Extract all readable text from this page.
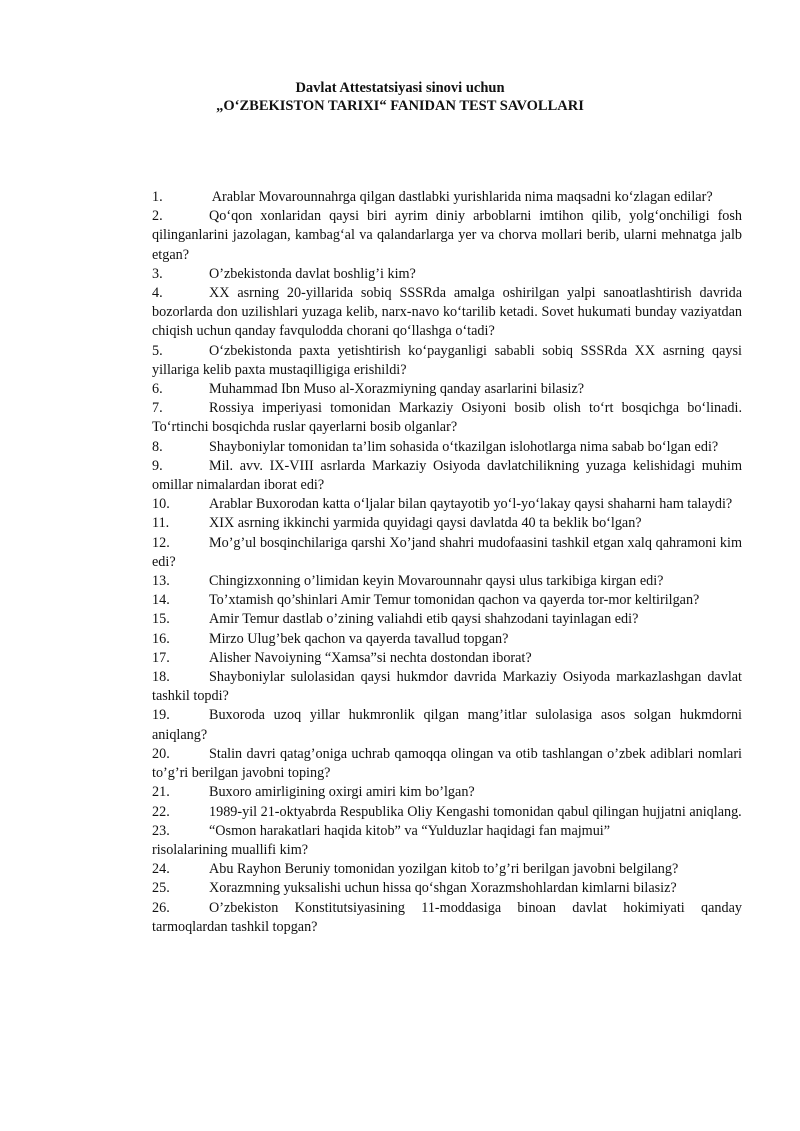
Davlat Attestatsiyasi sinovi uchun
„O‘ZBEKISTON TARIXI“ FANIDAN TEST SAVOLLARI
1.	Arablar Movarounnahrga qilgan dastlabki yurishlarida nima maqsadni ko‘zlagan edilar?
2.	Qo‘qon xonlaridan qaysi biri ayrim diniy arboblarni imtihon qilib, yolg‘onchiligi fosh qilinganlarini jazolagan, kambag‘al va qalandarlarga yer va chorva mollari berib, ularni mehnatga jalb etgan?
3.	O’zbekistonda davlat boshlig’i kim?
4.	XX asrning 20-yillarida sobiq SSSRda amalga oshirilgan yalpi sanoatlashtirish davrida bozorlarda don uzilishlari yuzaga kelib, narx-navo ko‘tarilib ketadi. Sovet hukumati bunday vaziyatdan chiqish uchun qanday favqulodda choranі qo‘llashga o‘tadi?
5.	O‘zbekistonda paxta yetishtirish ko‘payganligi sababli sobiq SSSRda XX asrning qaysi yillariga kelib paxta mustaqilligiga erishildi?
6.	Muhammad Ibn Muso al-Xorazmiyning qanday asarlarini bilasiz?
7.	Rossiya imperiyasi tomonidan Markaziy Osiyoni bosib olish to‘rt bosqichga bo‘linadi. To‘rtinchi bosqichda ruslar qayerlarni bosib olganlar?
8.	Shayboniylar tomonidan ta’lim sohasida o‘tkazilgan islohotlarga nima sabab bo‘lgan edi?
9.	Mil. avv. IX-VIII asrlarda Markaziy Osiyoda davlatchilikning yuzaga kelishidagi muhim omillar nimalardan iborat edi?
10.	Arablar Buxorodan katta o‘ljalar bilan qaytayotib yo‘l-yo‘lakay qaysi shaharni ham talaydi?
11.	XIX asrning ikkinchi yarmida quyidagi qaysi davlatda 40 ta beklik bo‘lgan?
12.	Mo’g’ul bosqinchilariga qarshi Xo’jand shahri mudofaasini tashkil etgan xalq qahramoni kim edi?
13.	Chingizxonning o’limidan keyin Movarounnahr qaysi ulus tarkibiga kirgan edi?
14.	To’xtamish qo’shinlari Amir Temur tomonidan qachon va qayerda tor-mor keltirilgan?
15.	Amir Temur dastlab o’zining valiahdi etib qaysi shahzodani tayinlagan edi?
16.	Mirzo Ulug’bek qachon va qayerda tavallud topgan?
17.	Alisher Navoiyning “Xamsa”si nechta dostondan iborat?
18.	Shayboniylar sulolasidan qaysi hukmdor davrida Markaziy Osiyoda markazlashgan davlat tashkil topdi?
19.	Buxoroda uzoq yillar hukmronlik qilgan mang’itlar sulolasiga asos solgan hukmdorni aniqlang?
20.	Stalin davri qatag’oniga uchrab qamoqqa olingan va otib tashlangan o’zbek adiblari nomlari to’g’ri berilgan javobni toping?
21.	Buxoro amirligining oxirgi amiri kim bo’lgan?
22.	1989-yil 21-oktyabrda Respublika Oliy Kengashi tomonidan qabul qilingan hujjatni aniqlang.
23.	“Osmon harakatlari haqida kitob” va “Yulduzlar haqidagi fan majmui”
risolalarining muallifi kim?
24.	Abu Rayhon Beruniy tomonidan yozilgan kitob to’g’ri berilgan javobni belgilang?
25.	Xorazmning yuksalishi uchun hissa qo‘shgan Xorazmshohlardan kimlarni bilasiz?
26.	O’zbekiston Konstitutsiyasining 11-moddasiga binoan davlat hokimiyati qanday tarmoqlardan tashkil topgan?
